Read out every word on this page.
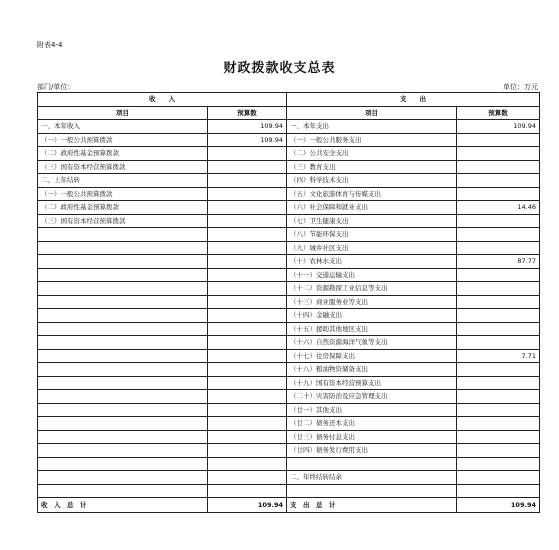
附表4-4
财政拨款收支总表
部门/单位：	单位：万元
收　　入		支　　出	
项目	预算数	项目	预算数
一、本年收入	109.94	一、本年支出	109.94
（一）一般公共预算拨款	109.94	（一）一般公共服务支出	
（二）政府性基金预算拨款		（二）公共安全支出	
（三）国有资本经营预算拨款		（三）教育支出	
二、上年结转		（四）科学技术支出	
（一）一般公共预算拨款		（五）文化旅游体育与传媒支出	
（二）政府性基金预算拨款		（六）社会保障和就业支出	14.46
（三）国有资本经营预算拨款		（七）卫生健康支出	
		（八）节能环保支出	
		（九）城乡社区支出	
		（十）农林水支出	87.77
		（十一）交通运输支出	
		（十二）资源勘探工业信息等支出	
		（十三）商业服务业等支出	
		（十四）金融支出	
		（十五）援助其他地区支出	
		（十六）自然资源海洋气象等支出	
		（十七）住房保障支出	7.71
		（十八）粮油物资储备支出	
		（十九）国有资本经营预算支出	
		（二十）灾害防治及应急管理支出	
		（廿一）其他支出	
		（廿二）债务还本支出	
		（廿三）债务付息支出	
		（廿四）债务发行费用支出	

		二、年终结转结余	

收　入　总　计	109.94	支　出　总　计	109.94
